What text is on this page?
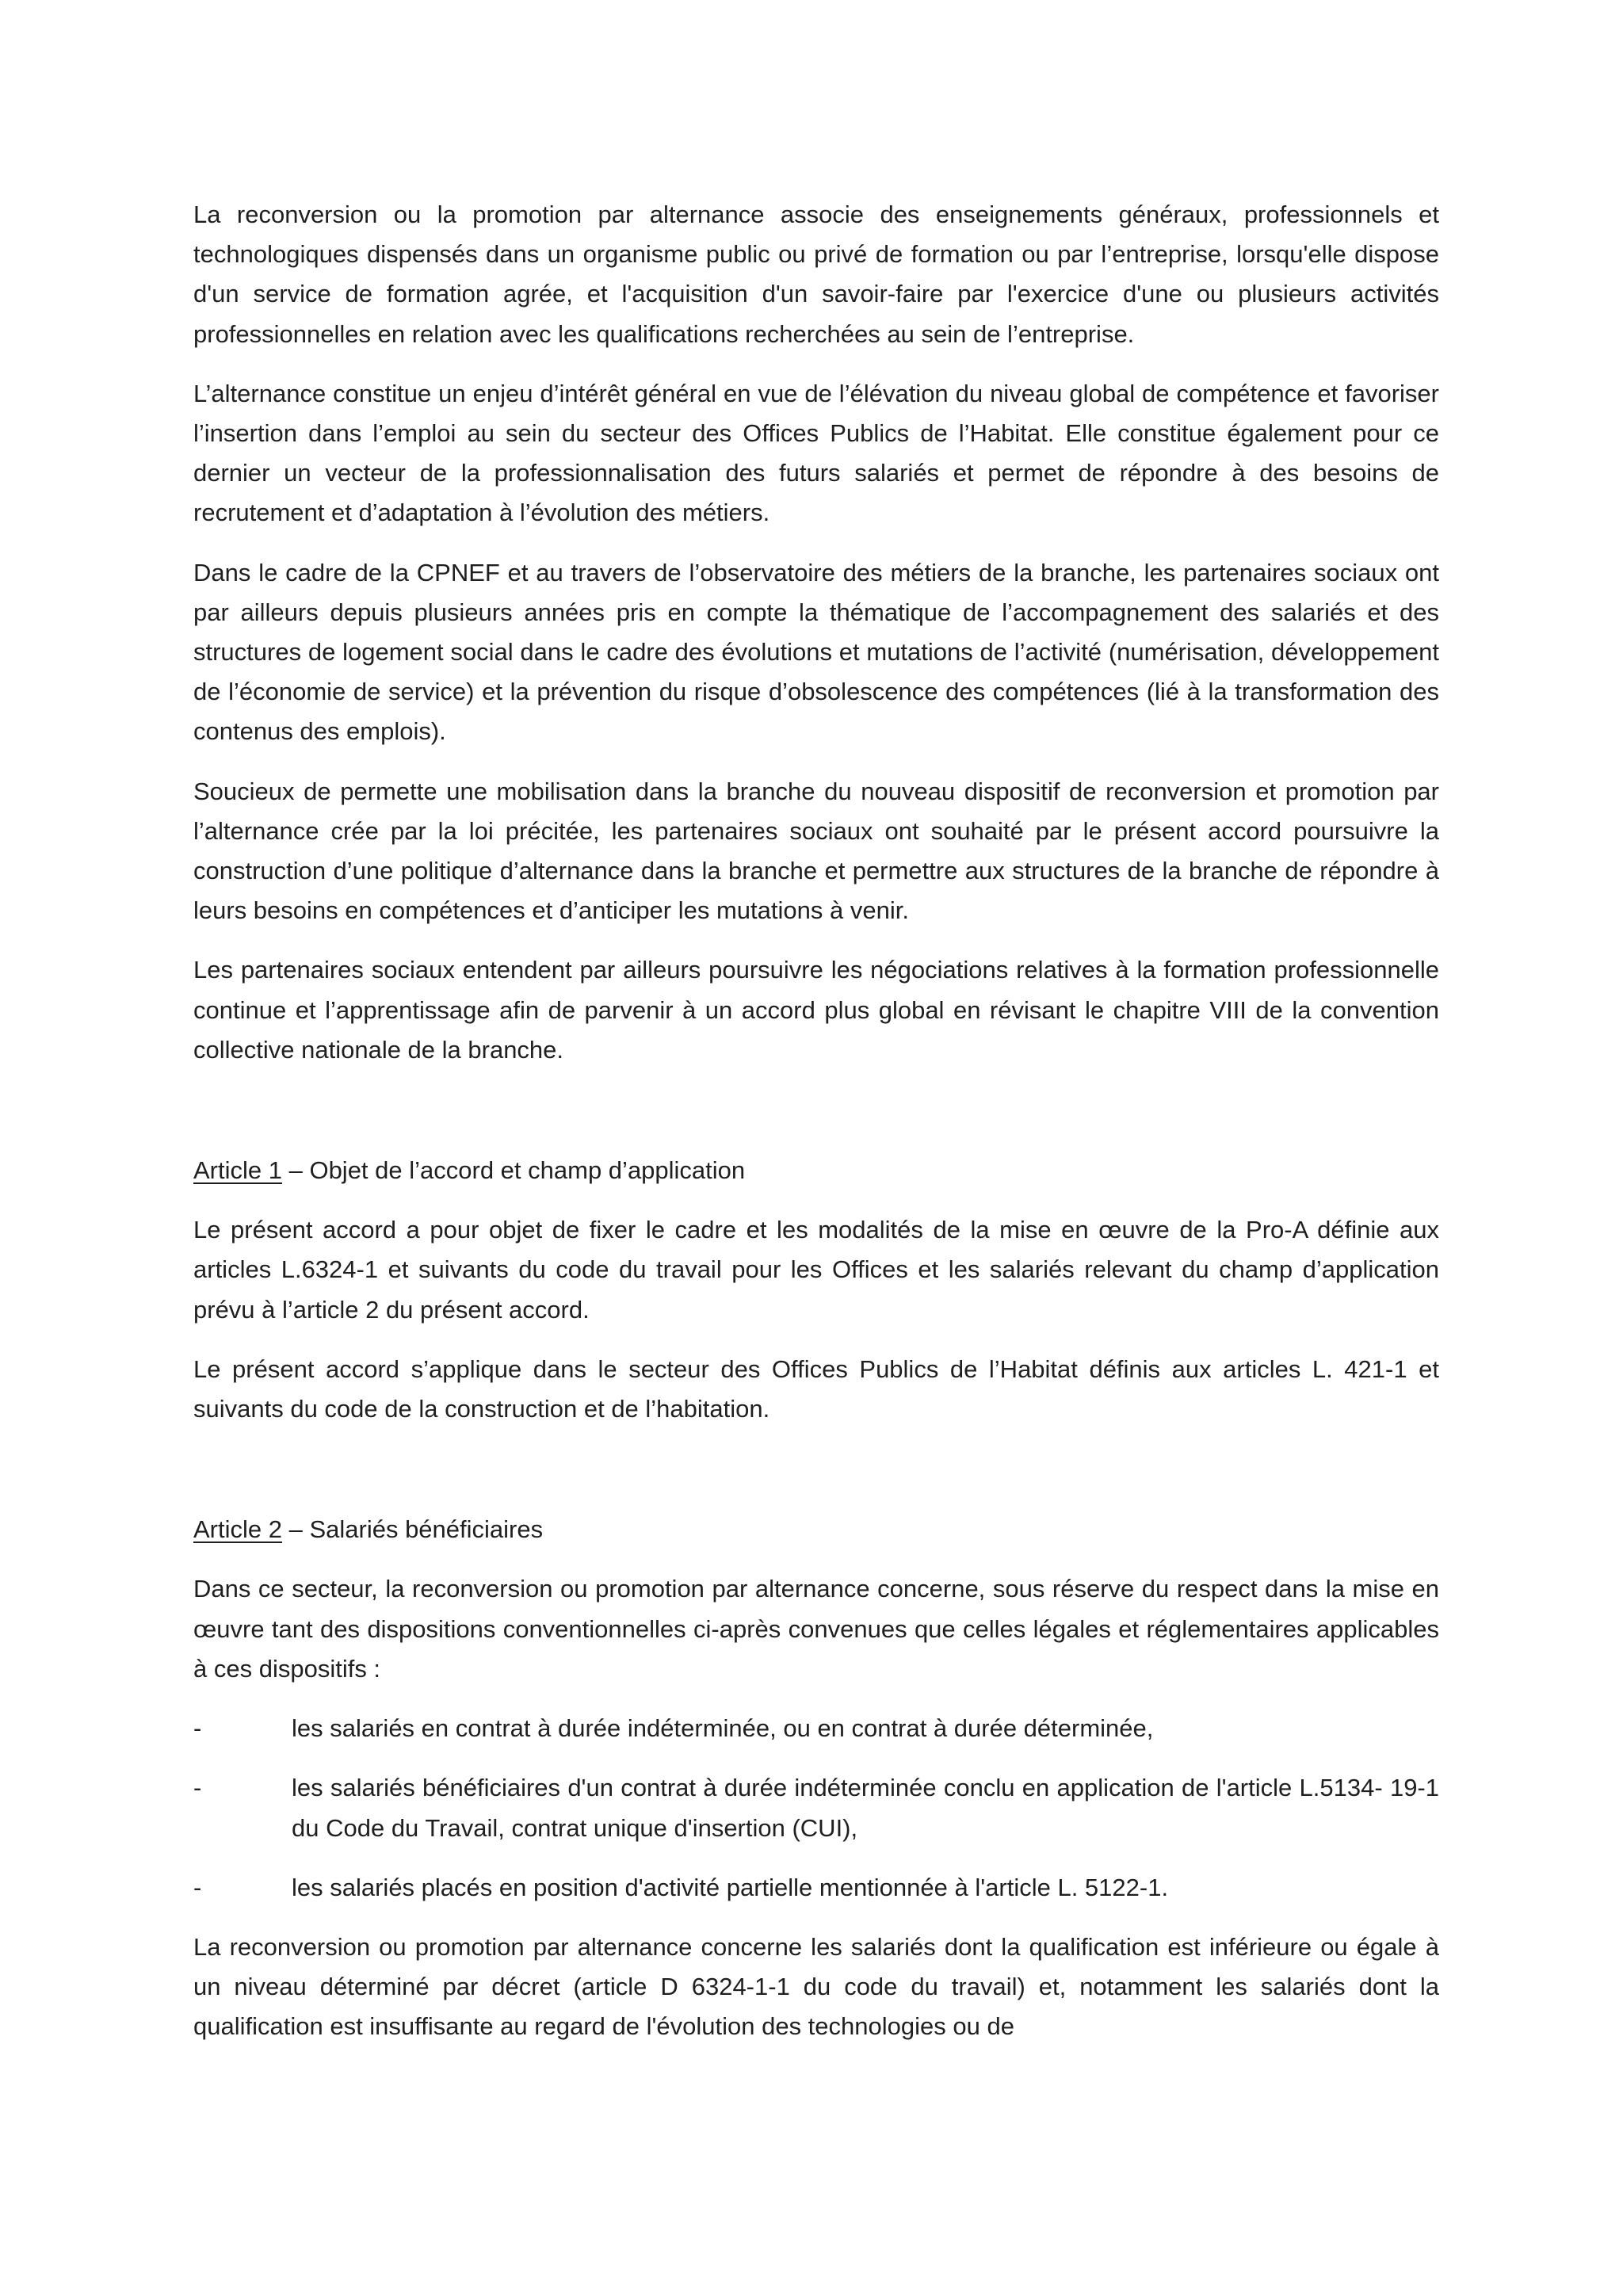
La reconversion ou la promotion par alternance associe des enseignements généraux, professionnels et technologiques dispensés dans un organisme public ou privé de formation ou par l’entreprise, lorsqu'elle dispose d'un service de formation agrée, et l'acquisition d'un savoir-faire par l'exercice d'une ou plusieurs activités professionnelles en relation avec les qualifications recherchées au sein de l’entreprise.

L’alternance constitue un enjeu d’intérêt général en vue de l’élévation du niveau global de compétence et favoriser l’insertion dans l’emploi au sein du secteur des Offices Publics de l’Habitat. Elle constitue également pour ce dernier un vecteur de la professionnalisation des futurs salariés et permet de répondre à des besoins de recrutement et d’adaptation à l’évolution des métiers.

Dans le cadre de la CPNEF et au travers de l’observatoire des métiers de la branche, les partenaires sociaux ont par ailleurs depuis plusieurs années pris en compte la thématique de l’accompagnement des salariés et des structures de logement social dans le cadre des évolutions et mutations de l’activité (numérisation, développement de l’économie de service) et la prévention du risque d’obsolescence des compétences (lié à la transformation des contenus des emplois).

Soucieux de permette une mobilisation dans la branche du nouveau dispositif de reconversion et promotion par l’alternance crée par la loi précitée, les partenaires sociaux ont souhaité par le présent accord poursuivre la construction d’une politique d’alternance dans la branche et permettre aux structures de la branche de répondre à leurs besoins en compétences et d’anticiper les mutations à venir.

Les partenaires sociaux entendent par ailleurs poursuivre les négociations relatives à la formation professionnelle continue et l’apprentissage afin de parvenir à un accord plus global en révisant le chapitre VIII de la convention collective nationale de la branche.

Article 1 – Objet de l’accord et champ d’application

Le présent accord a pour objet de fixer le cadre et les modalités de la mise en œuvre de la Pro-A définie aux articles L.6324-1 et suivants du code du travail pour les Offices et les salariés relevant du champ d’application prévu à l’article 2 du présent accord.

Le présent accord s’applique dans le secteur des Offices Publics de l’Habitat définis aux articles L. 421-1 et suivants du code de la construction et de l’habitation.

Article 2 – Salariés bénéficiaires

Dans ce secteur, la reconversion ou promotion par alternance concerne, sous réserve du respect dans la mise en œuvre tant des dispositions conventionnelles ci-après convenues que celles légales et réglementaires applicables à ces dispositifs :

-	les salariés en contrat à durée indéterminée, ou en contrat à durée déterminée,
-	les salariés bénéficiaires d'un contrat à durée indéterminée conclu en application de l'article L.5134- 19-1 du Code du Travail, contrat unique d'insertion (CUI),
-	les salariés placés en position d'activité partielle mentionnée à l'article L. 5122-1.

La reconversion ou promotion par alternance concerne les salariés dont la qualification est inférieure ou égale à un niveau déterminé par décret (article D 6324-1-1 du code du travail) et, notamment les salariés dont la qualification est insuffisante au regard de l'évolution des technologies ou de
